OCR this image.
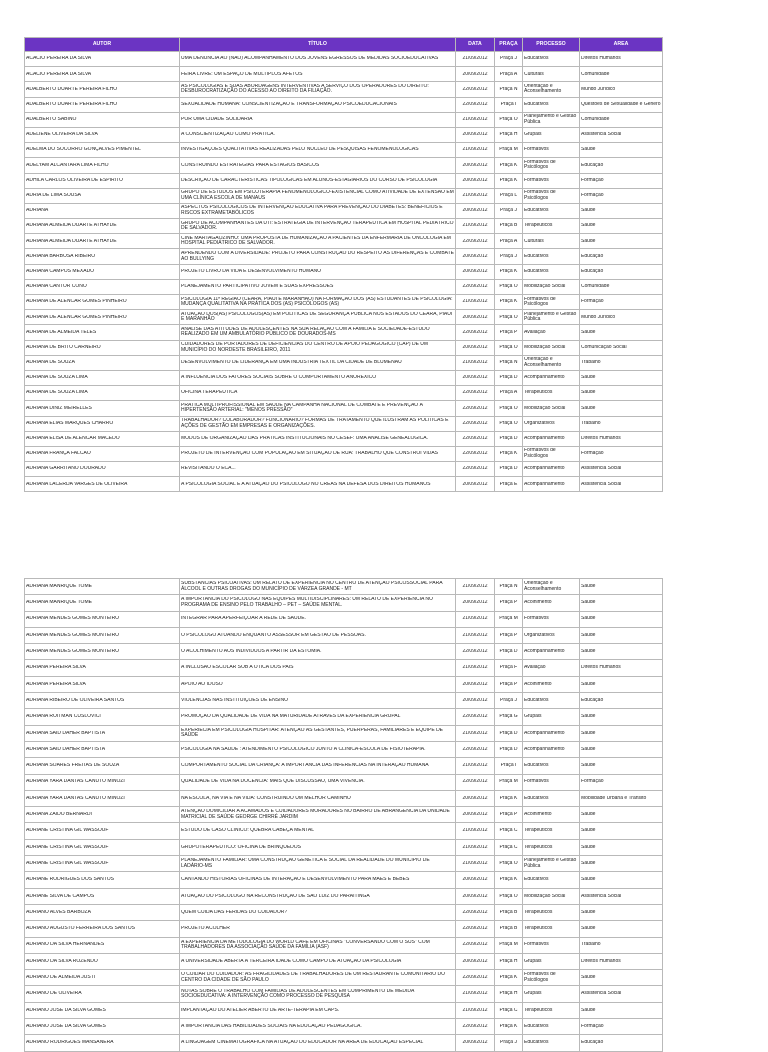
AUTOR	TÍTULO	DATA	PRAÇA	PROCESSO	AREA

ACACIO PEREIRA DA SILVA	UMA DENÚNCIA AO (NÃO) ACOMPANHAMENTO DOS JOVENS EGRESSOS DE MEDIDAS SOCIOEDUCATIVAS	21/09/2012	Praça J	Educativos	Direitos Humanos

ACACIO PEREIRA DA SILVA	FEIRA LIVRE: UM ESPAÇO DE MÚLTIPLOS AFETOS	20/09/2012	Praça A	Culturais	Comunidade

ADALBERTO DUARTE PEREIRA FILHO	AS PSICOLOGIAS E SUAS ABORDAGENS INTERVENTIVAS A SERVIÇO DOS OPERADORES DO DIREITO: DESBUROCRATIZAÇÃO DO ACESSO AO DIREITO DA FILIAÇÃO.	22/09/2012	Praça N	Orientação e Aconselhamento	Mundo Jurídico

ADALBERTO DUARTE PEREIRA FILHO	SEXUALIDADE HUMANA: CONSCIENTIZAÇÃO E TRANSFORMAÇÃO PSICOEDUCACIONAIS	22/09/2012	Praça I	Educativos	Questões de Sexualidade e Gênero

ADALBERTO SABINO	POR UMA CIDADE SOLIDÁRIA	21/09/2012	Praça O	Planejamento e Gestão Pública	Comunidade

ADELIENE OLIVEIRA DA SILVA	A CONSCIENTIZAÇÃO COMO PRÁTICA.	20/09/2012	Praça H	Grupais	Assistência Social

ADELMA DO SOCORRO GONÇALVES PIMENTEL	INVESTIGAÇÕES QUALITATIVAS REALIZADAS PELO NÚCLEO DE PESQUISAS FENOMENOLÓGICAS	21/09/2012	Praça M	Formativos	Saúde

ADELYAM ALCANTARA LIMA FILHO	CONSTRUINDO ESTRATÉGIAS PARA ESTÁGIOS BÁSICOS	20/09/2012	Praça K	Formativos de Psicólogos	Educação

ADHILA CARLOS OLIVEIRA DE ESPÍRITO	DESCRIÇÃO DE CARACTERÍSTICAS TIPOLÓGICAS EM ALUNOS-ESTAGIÁRIOS DO CURSO DE PSICOLOGIA	20/09/2012	Praça K	Formativos	Formação

ADRIA DE LIMA SOUSA	GRUPO DE ESTUDOS EM PSICOTERAPIA FENOMENOLÓGICO-EXISTENCIAL COMO ATIVIDADE DE EXTENSÃO EM UMA CLÍNICA ESCOLA DE MANAUS	21/09/2012	Praça L	Formativos de Psicólogos	Formação

ADRIANA	ASPECTOS PSICOLÓGICOS DE INTERVENÇÃO EDUCATIVA PARA PREVENÇÃO DO DIABETES: BENEFÍCIOS E RISCOS EXTRAMETABÓLICOS	20/09/2012	Praça J	Educativos	Saúde

ADRIANA ALMEIDA DUARTE ATHAYDE	GRUPO DE ACOMPANHANTES DA UTI: ESTRATÉGIA DE INTERVENÇÃO TERAPÊUTICA EM HOSPITAL PEDIÁTRICO DE SALVADOR.	21/09/2012	Praça B	Terapêuticos	Saúde

ADRIANA ALMEIDA DUARTE ATHAYDE	CINE MARTAGÃOZINHO: UMA PROPOSTA DE HUMANIZAÇÃO A PACIENTES DA ENFERMARIA DE ONCOLOGIA EM HOSPITAL PEDIÁTRICO DE SALVADOR.	22/09/2012	Praça A	Culturais	Saúde

ADRIANA BARBOSA RIBEIRO	APRENDENDO COM A DIVERSIDADE: PROJETO PARA CONSTRUÇÃO DO RESPEITO ÀS DIFERENÇAS E COMBATE AO BULLYING	20/09/2012	Praça J	Educativos	Educação

ADRIANA CAMPOS MEXADO	PROJETO LIVRO DA VIDA E DESENVOLVIMENTO HUMANO	20/09/2012	Praça K	Educativos	Educação

ADRIANA CANTOR CONO	PLANEJAMENTO PARTICIPATIVO JOVEM E SUAS EXPRESSÕES	22/09/2012	Praça O	Mobilização Social	Comunidade

ADRIANA DE ALENCAR GOMES PINHEIRO	PSICOLOGIA 11ª REGIÃO (CEARÁ, PIAUÍ E MARANHÃO) NA FORMAÇÃO DOS (AS) ESTUDANTES DE PSICOLOGIA: MUDANÇA QUALITATIVA NA PRÁTICA DOS (AS) PSICÓLOGOS (AS)	21/09/2012	Praça K	Formativos de Psicólogos	Formação

ADRIANA DE ALENCAR GOMES PINHEIRO	ATUAÇÃO DOS(AS) PSICÓLOGOS(AS) EM POLÍTICAS DE SEGURANÇA PÚBLICA NOS ESTADOS DO CEARÁ, PIAUÍ E MARANHÃO	20/09/2012	Praça O	Planejamento e Gestão Pública	Mundo Jurídico

ADRIANA DE ALMEIDA TELES	ANÁLISE DAS ATITUDES DE ADOLESCENTES NA SUA RELAÇÃO COM A FAMÍLIA E SOCIEDADE-ESTUDO REALIZADO EM UM AMBULATÓRIO PÚBLICO DE DOURADOS-MS	22/09/2012	Praça P	Avaliação	Saúde

ADRIANA DE BRITO CARNEIRO	CUIDADORES DE PORTADORES DE DEFICIÊNCIAS DO CENTRO DE APOIO PEDAGÓGICO (CAP) DE UM MUNICÍPIO DO NORDESTE BRASILEIRO, 2011	20/09/2012	Praça O	Mobilização Social	Comunicação Social

ADRIANA DE SOUZA	DESENVOLVIMENTO DE LIDERANÇA EM UMA INDÚSTRIA TÊXTIL DA CIDADE DE BLUMENAU	21/09/2012	Praça N	Orientação e Aconselhamento	Trabalho

ADRIANA DE SOUZA LIMA	A INFLUÊNCIA DOS FATORES SOCIAIS SOBRE O COMPORTAMENTO ANORÉXICO	20/09/2012	Praça D	Acompanhamento	Saúde

ADRIANA DE SOUZA LIMA	OFICINA TERAPÊUTICA	22/09/2012	Praça A	Terapêuticos	Saúde

ADRIANA DINIZ MEIRELLES	PRÁTICA MULTIPROFISSIONAL EM SAÚDE NA CAMPANHA NACIONAL DE COMBATE E PREVENÇÃO À HIPERTENSÃO ARTERIAL: "MENOS PRESSÃO"	22/09/2012	Praça O	Mobilização Social	Saúde

ADRIANA ELIAS MARQUES CHARRO	TRABALHADOR? COLABORADOR? FUNCIONÁRIO? FORMAS DE TRATAMENTO QUE ILUSTRAM AS POLÍTICAS E AÇÕES DE GESTÃO EM EMPRESAS E ORGANIZAÇÕES.	22/09/2012	Praça O	Organizativos	Trabalho

ADRIANA ELISA DE ALENCAR MACEDO	MODOS DE ORGANIZAÇÃO DAS PRÁTICAS INSTITUCIONAIS NO CESEF: UMA ANÁLISE GENEALÓGICA.	22/09/2012	Praça D	Acompanhamento	Direitos Humanos

ADRIANA FRANÇA FALCÃO	PROJETO DE INTERVENÇÃO COM POPULAÇÃO EM SITUAÇÃO DE RUA: TRABALHO QUE CONSTRÓI VIDAS	22/09/2012	Praça K	Formativos de Psicólogos	Formação

ADRIANA GARRITANO DOURADO	REVISITANDO O ECA...	22/09/2012	Praça D	Acompanhamento	Assistência Social

ADRIANA LACERDA VARGES DE OLIVEIRA	A PSICOLOGIA SOCIAL E A ATUAÇÃO DO PSICÓLOGO NO CREAS NA DEFESA DOS DIREITOS HUMANOS	20/09/2012	Praça E	Acompanhamento	Assistência Social
ADRIANA MANRIQUE TOMÉ	SUBSTÂNCIAS PSICOATIVAS: UM RELATO DE EXPERIÊNCIA NO CENTRO DE ATENÇÃO PSICOSSOCIAL PARA ÁLCOOL E OUTRAS DROGAS DO MUNICÍPIO DE VÁRZEA GRANDE - MT	21/09/2012	Praça N	Orientação e Aconselhamento	Saúde

ADRIANA MANRIQUE TOMÉ	A IMPORTÂNCIA DO PSICÓLOGO NAS EQUIPES MULTIDISCIPLINARES: UM RELATO DE EXPERIÊNCIA NO PROGRAMA DE ENSINO PELO TRABALHO – PET – SAÚDE MENTAL.	20/09/2012	Praça P	Acolhimento	Saúde

ADRIANA MENDES GOMES MONTEIRO	INTEGRAR PARA APERFEIÇOAR A REDE DE SAÚDE.	21/09/2012	Praça M	Formativos	Saúde

ADRIANA MENDES GOMES MONTEIRO	O PSICÓLOGO ATUANDO ENQUANTO ASSESSOR EM GESTÃO DE PESSOAS.	21/09/2012	Praça P	Organizativos	Saúde

ADRIANA MENDES GOMES MONTEIRO	O ACOLHIMENTO AOS INDIVÍDUOS A PARTIR DA ESTOMIA.	22/09/2012	Praça D	Acompanhamento	Saúde

ADRIANA PEREIRA SILVA	A INCLUSÃO ESCOLAR SOB A ÓTICA DOS PAIS	21/09/2012	Praça F	Avaliação	Direitos Humanos

ADRIANA PEREIRA SILVA	APOIO AO IDOSO	20/09/2012	Praça P	Acolhimento	Saúde

ADRIANA RIBEIRO DE OLIVEIRA SANTOS	VIOLÊNCIAS NAS INSTITUIÇÕES DE ENSINO	20/09/2012	Praça J	Educativos	Educação

ADRIANA ROITMAN CUSLOVICI	PROMOÇÃO DA QUALIDADE DE VIDA NA MATURIDADE ATRAVÉS DA EXPERIÊNCIA GRUPAL	22/09/2012	Praça G	Grupais	Saúde

ADRIANA SAID DAHER BAPTISTA	EXPERIÊCIA EM PSICOLOGIA HOSPITAR: ATENÇÃO ÀS GESTANTES, PUÉRPERAS, FAMILIARES E EQUIPE DE SAÚDE	21/09/2012	Praça D	Acompanhamento	Saúde

ADRIANA SAID DAHER BAPTISTA	PSICOLOGIA NA SAÚDE : ATENDIMENTO PSICOLÓGICO JUNTO À CLÍNICA-ESCOLA DE FISIOTERAPIA.	22/09/2012	Praça D	Acompanhamento	Saúde

ADRIANA SOARES FREITAS DE SOUZA	COMPORTAMENTO SOCIAL DA CRIANÇA: A IMPORTÂNCIA DAS INFERÊNCIAS NA INTERAÇÃO HUMANA	21/09/2012	Praça I	Educativos	Saúde

ADRIANA YARA DANTAS CANUTO MINOZI	QUALIDADE DE VIDA NA DOCÊNCIA: MAIS QUE DISCUSSÃO, UMA VIVÊNCIA.	22/09/2012	Praça M	Formativos	Formação

ADRIANA YARA DANTAS CANUTO MINOZI	NA ESCOLA, NA VIA E NA VIDA: CONSTRUINDO UM MELHOR CAMINHO	20/09/2012	Praça K	Educativos	Mobilidade Urbana e Trânsito

ADRIANA ZAIDO BERNARDI	ATENÇÃO DOMICILIAR A ACAMADOS E CUIDADORES MORADORES NO BAIRRO DE ABRANGÊNCIA DA UNIDADE MATRICIAL DE SAÚDE GEORGE CHIRRÉ JARDIM	20/09/2012	Praça P	Acolhimento	Saúde

ADRIANE CRISTINA GIL WASSOUF	ESTUDO DE CASO CLÍNICO: QUEBRA CABEÇA MENTAL	21/09/2012	Praça C	Terapêuticos	Saúde

ADRIANE CRISTINA GIL WASSOUF	GRUPOTERAPÊUTICO: OFICINA DE BRINQUEDOS	21/09/2012	Praça C	Terapêuticos	Saúde

ADRIANE CRISTINA GIL WASSOUF	PLANEJAMENTO FAMILIAR: UMA CONSTRUÇÃO GENÉTICA E SOCIAL DA REALIDADE DO MUNICÍPIO DE LADÁRIO-MS	21/09/2012	Praça O	Planejamento e Gestão Pública	Saúde

ADRIANE RODRIGUES DOS SANTOS	CANTANDO HISTÓRIAS OFICINAS DE INTERAÇÃO E DESENVOLVIMENTO PARA MÃES E BEBÊS	20/09/2012	Praça K	Educativos	Saúde

ADRIANE SILVA DE CAMPOS	ATUAÇÃO DO PSICÓLOGO NA RECONSTRUÇÃO DE SÃO LUIZ DO PARAITINGA	20/09/2012	Praça O	Mobilização Social	Assistência Social

ADRIANO ALVES BARBOZA	QUEM CUIDA DAS FERIDAS DO CUIDADOR?	22/09/2012	Praça B	Terapêuticos	Saúde

ADRIANO AUGUSTO FERREIRA DOS SANTOS	PROJETO ACOLHER	22/09/2012	Praça B	Terapêuticos	Saúde

ADRIANO DA SILVA HERNANDES	A EXPERIÊNCIA DA METODOLOGIA DO WORLD CAFÉ EM OFICINAS "CONVERSANDO COM O SUS" COM TRABALHADORES DA ASSOCIAÇÃO SAÚDE DA FAMÍLIA (ASF)	22/09/2012	Praça M	Formativos	Trabalho

ADRIANO DA SILVA ROZENDO	A UNIVERSIDADE ABERTA À TERCEIRA IDADE COMO CAMPO DE ATUAÇÃO DA PSICOLOGIA	20/09/2012	Praça H	Grupais	Direitos Humanos

ADRIANO DE ALMEIDA JUSTI	O CUIDAR DO CUIDADOR: AS FRAGILIDADES DE TRABALHADORES DE UM RESTAURANTE COMUNITÁRIO DO CENTRO DA CIDADE DE SÃO PAULO	22/09/2012	Praça K	Formativos de Psicólogos	Saúde

ADRIANO DE OLIVEIRA	NOTAS SOBRE O TRABALHO COM FAMÍLIAS DE ADOLESCENTES EM CUMPRIMENTO DE MEDIDA SOCIOEDUCATIVA: A INTERVENÇÃO COMO PROCESSO DE PESQUISA	21/09/2012	Praça H	Grupais	Assistência Social

ADRIANO JOSÉ DA SILVA GOMES	IMPLANTAÇÃO DO ATELIER ABERTO DE ARTE-TERAPIA EM CAPS.	21/09/2012	Praça C	Terapêuticos	Saúde

ADRIANO JOSÉ DA SILVA GOMES	A IMPORTÂNCIA DAS HABILIDADES SOCIAIS NA EDUCAÇÃO PEDAGÓGICA.	22/09/2012	Praça K	Educativos	Formação

ADRIANO RODRIGUES MANSANERA	A LINGUAGEM CINEMATOGRÁFICA NA ATUAÇÃO DO EDUCADOR NA ÁREA DE EDUCAÇÃO ESPECIAL	20/09/2012	Praça J	Educativos	Educação
